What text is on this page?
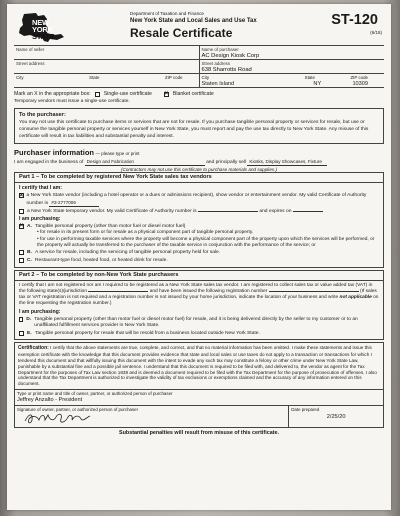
NEW
YORK
STATE
Department of Taxation and Finance
New York State and Local Sales and Use Tax
Resale Certificate
ST-120
(6/18)
Name of seller
Street address
City	State	ZIP code
Name of purchaser
AC Design Kiosk Corp
Street address
638 Sharrotts Road
City	State	ZIP code
Staten Island	NY	10309
Mark an X in the appropriate box:	Single-use certificate
×	Blanket certificate
Temporary vendors must issue a single-use certificate.
To the purchaser:

You may not use this certificate to purchase items or services that are not for resale. If you purchase tangible personal property or services for resale, but use or consume the tangible personal property or services yourself in New York State, you must report and pay the use tax directly to New York State. Any misuse of this certificate will result in tax liabilities and substantial penalty and interest.

Purchaser information — please type or print
I am engaged in the business of Design and Fabrication	and principally sell Kiosks, Display Showcases, Fixture
(Contractors may not use this certificate to purchase materials and supplies.)
Part 1 – To be completed by registered New York State sales tax vendors
I certify that I am:
×
a New York State vendor (including a hotel operator or a dues or admissions recipient), show vendor or entertainment vendor. My valid Certificate of Authority number is #3-2777006
a New York State temporary vendor. My valid Certificate of Authority number is	and expires on
I am purchasing:
×
A. Tangible personal property (other than motor fuel or diesel motor fuel)
• for resale in its present form or for resale as a physical component part of tangible personal property.
• for use in performing taxable services where the property will become a physical component part of the property upon which the services will be performed, or the property will actually be transferred to the purchaser of the taxable service in conjunction with the performance of the service; or
B. A service for resale, including the servicing of tangible personal property held for sale.
C. Restaurant-type food, heated food, or heated drink for resale.
Part 2 – To be completed by non-New York State purchasers
I certify that I am not registered nor am I required to be registered as a New York State sales tax vendor. I am registered to collect sales tax or value added tax (VAT) in the following state(s)/jurisdiction	and have been issued the following registration number	(If sales tax or VAT registration is not required and a registration number is not issued by your home jurisdiction, indicate the location of your business and write not applicable on the line requesting the registration number.)
I am purchasing:
D. Tangible personal property (other than motor fuel or diesel motor fuel) for resale, and it is being delivered directly by the seller to my customer or to an unaffiliated fulfillment services provider in New York State.
E. Tangible personal property for resale that will be resold from a business located outside New York State.
Certification: I certify that the above statements are true, complete, and correct, and that no material information has been omitted. I make these statements and issue this exemption certificate with the knowledge that this document provides evidence that state and local sales or use taxes do not apply to a transaction or transactions for which I tendered this document and that willfully issuing this document with the intent to evade any such tax may constitute a felony or other crime under New York State Law, punishable by a substantial fine and a possible jail sentence. I understand that this document is required to be filed with, and delivered to, the vendor as agent for the Tax Department for the purposes of Tax Law section 1838 and is deemed a document required to be filed with the Tax Department for the purpose of prosecution of offenses. I also understand that the Tax Department is authorized to investigate the validity of tax exclusions or exemptions claimed and the accuracy of any information entered on this document.
Type or print name and title of owner, partner, or authorized person of purchaser
Jeffrey Anzalto - President
Signature of owner, partner, or authorized person of purchaser	Date prepared
2/25/20
Substantial penalties will result from misuse of this certificate.
